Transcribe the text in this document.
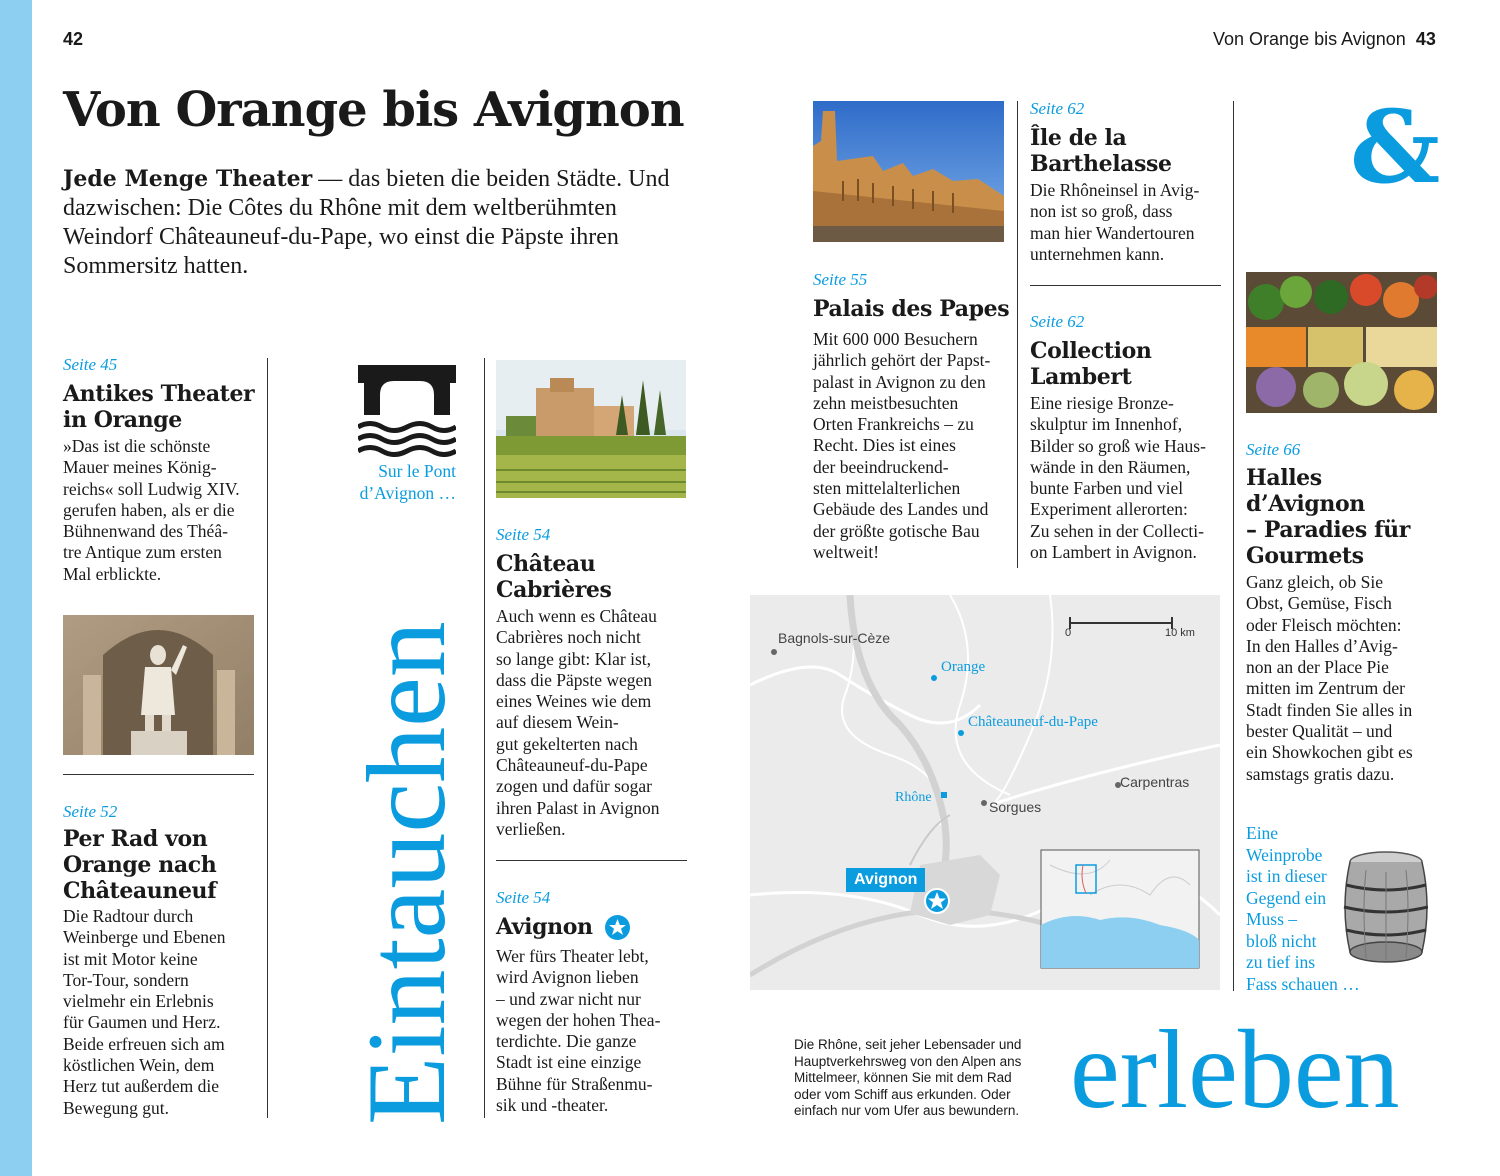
42	Von Orange bis Avignon 43
Von Orange bis Avignon
Jede Menge Theater — das bieten die beiden Städte. Und dazwischen: Die Côtes du Rhône mit dem weltberühmten Weindorf Châteauneuf-du-Pape, wo einst die Päpste ihren Sommersitz hatten.
Seite 45
Antikes Theater
in Orange
»Das ist die schönste
Mauer meines König-
reichs« soll Ludwig XIV.
gerufen haben, als er die
Bühnenwand des Théâ-
tre Antique zum ersten
Mal erblickte.
Seite 52
Per Rad von
Orange nach
Châteauneuf
Die Radtour durch
Weinberge und Ebenen
ist mit Motor keine
Tor-Tour, sondern
vielmehr ein Erlebnis
für Gaumen und Herz.
Beide erfreuen sich am
köstlichen Wein, dem
Herz tut außerdem die
Bewegung gut.
Sur le Pont
d’Avignon …
Eintauchen
Seite 54
Château
Cabrières
Auch wenn es Château
Cabrières noch nicht
so lange gibt: Klar ist,
dass die Päpste wegen
eines Weines wie dem
auf diesem Wein-
gut gekelterten nach
Châteauneuf-du-Pape
zogen und dafür sogar
ihren Palast in Avignon
verließen.
Seite 54
Avignon
Wer fürs Theater lebt,
wird Avignon lieben
– und zwar nicht nur
wegen der hohen Thea-
terdichte. Die ganze
Stadt ist eine einzige
Bühne für Straßenmu-
sik und -theater.
Seite 55
Palais des Papes
Mit 600 000 Besuchern
jährlich gehört der Papst-
palast in Avignon zu den
zehn meistbesuchten
Orten Frankreichs – zu
Recht. Dies ist eines
der beeindruckend-
sten mittelalterlichen
Gebäude des Landes und
der größte gotische Bau
weltweit!
Seite 62
Île de la
Barthelasse
Die Rhôneinsel in Avig-
non ist so groß, dass
man hier Wandertouren
unternehmen kann.
Seite 62
Collection
Lambert
Eine riesige Bronze-
skulptur im Innenhof,
Bilder so groß wie Haus-
wände in den Räumen,
bunte Farben und viel
Experiment allerorten:
Zu sehen in der Collecti-
on Lambert in Avignon.
&
Seite 66
Halles d’Avignon
– Paradies für
Gourmets
Ganz gleich, ob Sie
Obst, Gemüse, Fisch
oder Fleisch möchten:
In den Halles d’Avig-
non an der Place Pie
mitten im Zentrum der
Stadt finden Sie alles in
bester Qualität – und
ein Showkochen gibt es
samstags gratis dazu.
Eine
Weinprobe
ist in dieser
Gegend ein
Muss –
bloß nicht
zu tief ins
Fass schauen …
Bagnols-sur-Cèze
Orange
Châteauneuf-du-Pape
Carpentras
Rhône
Sorgues
Avignon
0	10 km
Die Rhône, seit jeher Lebensader und
Hauptverkehrsweg von den Alpen ans
Mittelmeer, können Sie mit dem Rad
oder vom Schiff aus erkunden. Oder
einfach nur vom Ufer aus bewundern. erleben
